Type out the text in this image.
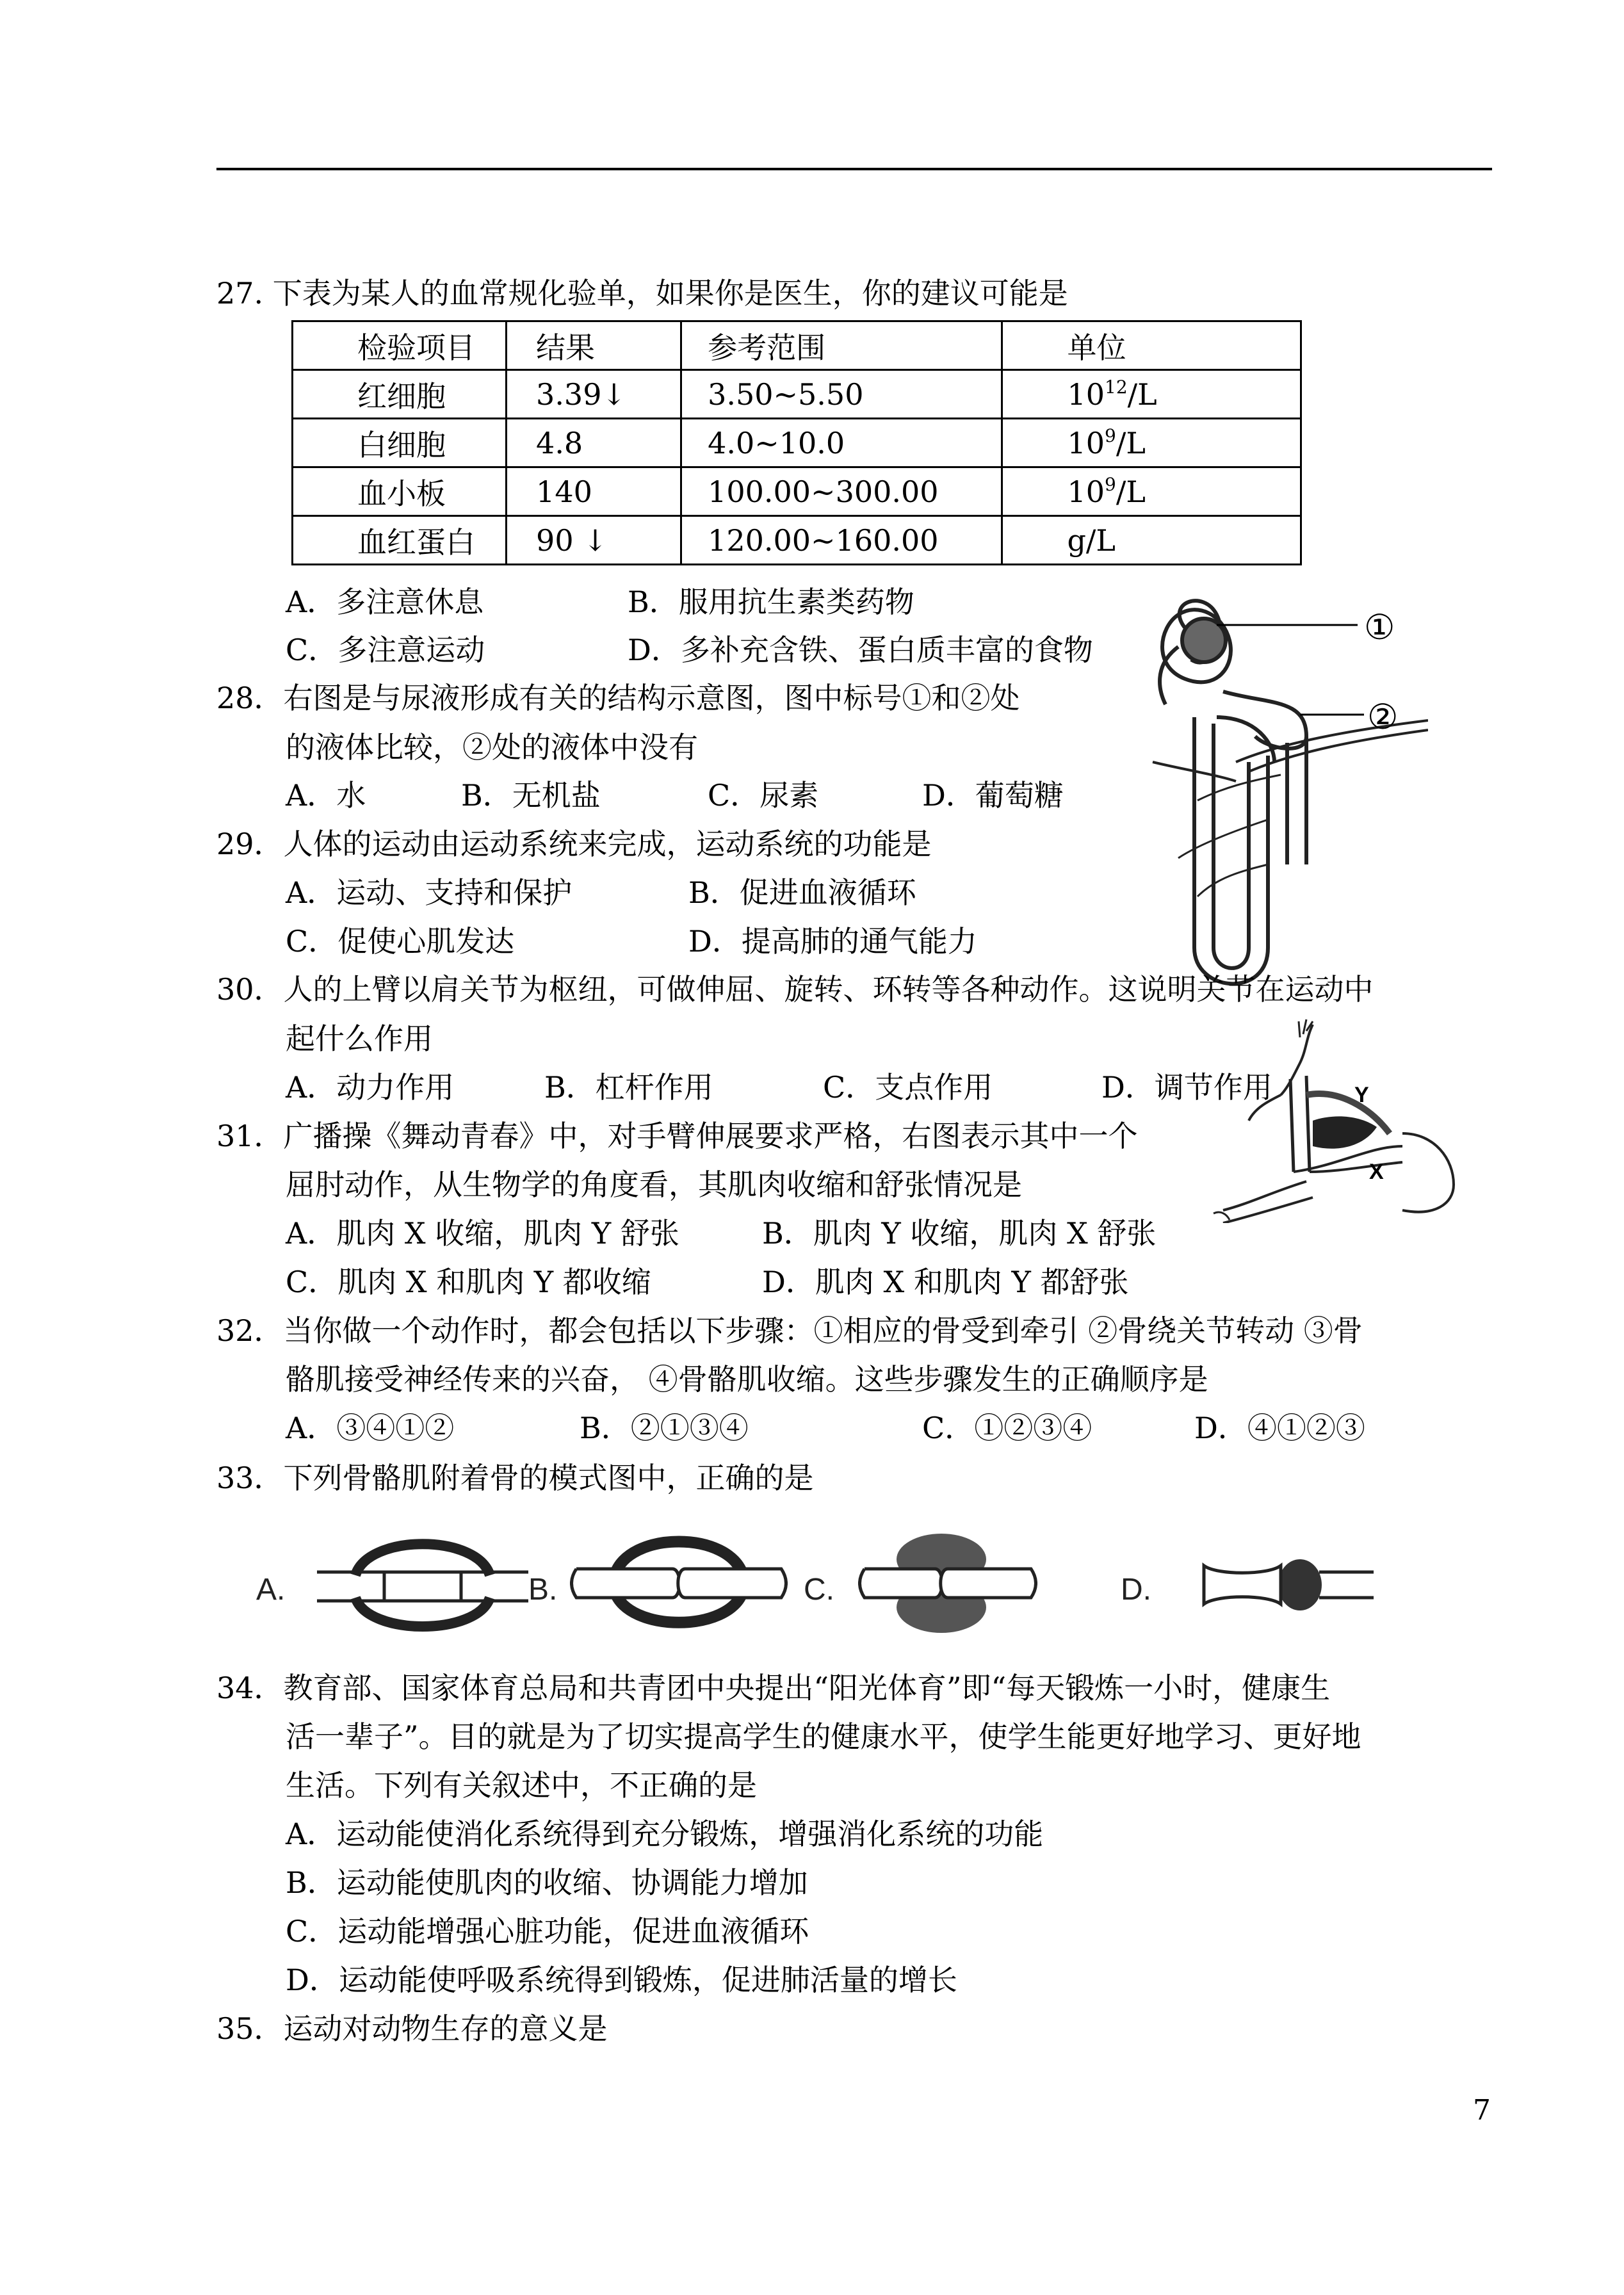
27. 下表为某人的血常规化验单，如果你是医生，你的建议可能是
检验项目	结果	参考范围	单位
红细胞	3.39↓	3.50~5.50	$10^{12}/L$
白细胞	4.8	4.0~10.0	$10^9/L$
血小板	140	100.00~300.00	$10^9/L$
血红蛋白	90 ↓	120.00~160.00	g/L
A．多注意休息	B．服用抗生素类药物
C．多注意运动	D．多补充含铁、蛋白质丰富的食物
28．右图是与尿液形成有关的结构示意图，图中标号①和②处
的液体比较，②处的液体中没有
A．水	B．无机盐	C．尿素	D．葡萄糖
①
②
29．人体的运动由运动系统来完成，运动系统的功能是
A．运动、支持和保护	B．促进血液循环
C．促使心肌发达	D．提高肺的通气能力
30．人的上臂以肩关节为枢纽，可做伸屈、旋转、环转等各种动作。这说明关节在运动中
起什么作用
A．动力作用	B．杠杆作用	C．支点作用	D．调节作用	Y
X
31．广播操《舞动青春》中，对手臂伸展要求严格，右图表示其中一个
屈肘动作，从生物学的角度看，其肌肉收缩和舒张情况是
A．肌肉 X 收缩，肌肉 Y 舒张	B．肌肉 Y 收缩，肌肉 X 舒张
C．肌肉 X 和肌肉 Y 都收缩	D．肌肉 X 和肌肉 Y 都舒张
32．当你做一个动作时，都会包括以下步骤：①相应的骨受到牵引 ②骨绕关节转动 ③骨
骼肌接受神经传来的兴奋， ④骨骼肌收缩。这些步骤发生的正确顺序是
A．③④①②	B．②①③④	C．①②③④	D．④①②③
33．下列骨骼肌附着骨的模式图中，正确的是
A.	B.	C.	D.
34．教育部、国家体育总局和共青团中央提出“阳光体育”即“每天锻炼一小时，健康生
活一辈子”。目的就是为了切实提高学生的健康水平，使学生能更好地学习、更好地
生活。下列有关叙述中，不正确的是
A．运动能使消化系统得到充分锻炼，增强消化系统的功能
B．运动能使肌肉的收缩、协调能力增加
C．运动能增强心脏功能，促进血液循环
D．运动能使呼吸系统得到锻炼，促进肺活量的增长
35．运动对动物生存的意义是
7
